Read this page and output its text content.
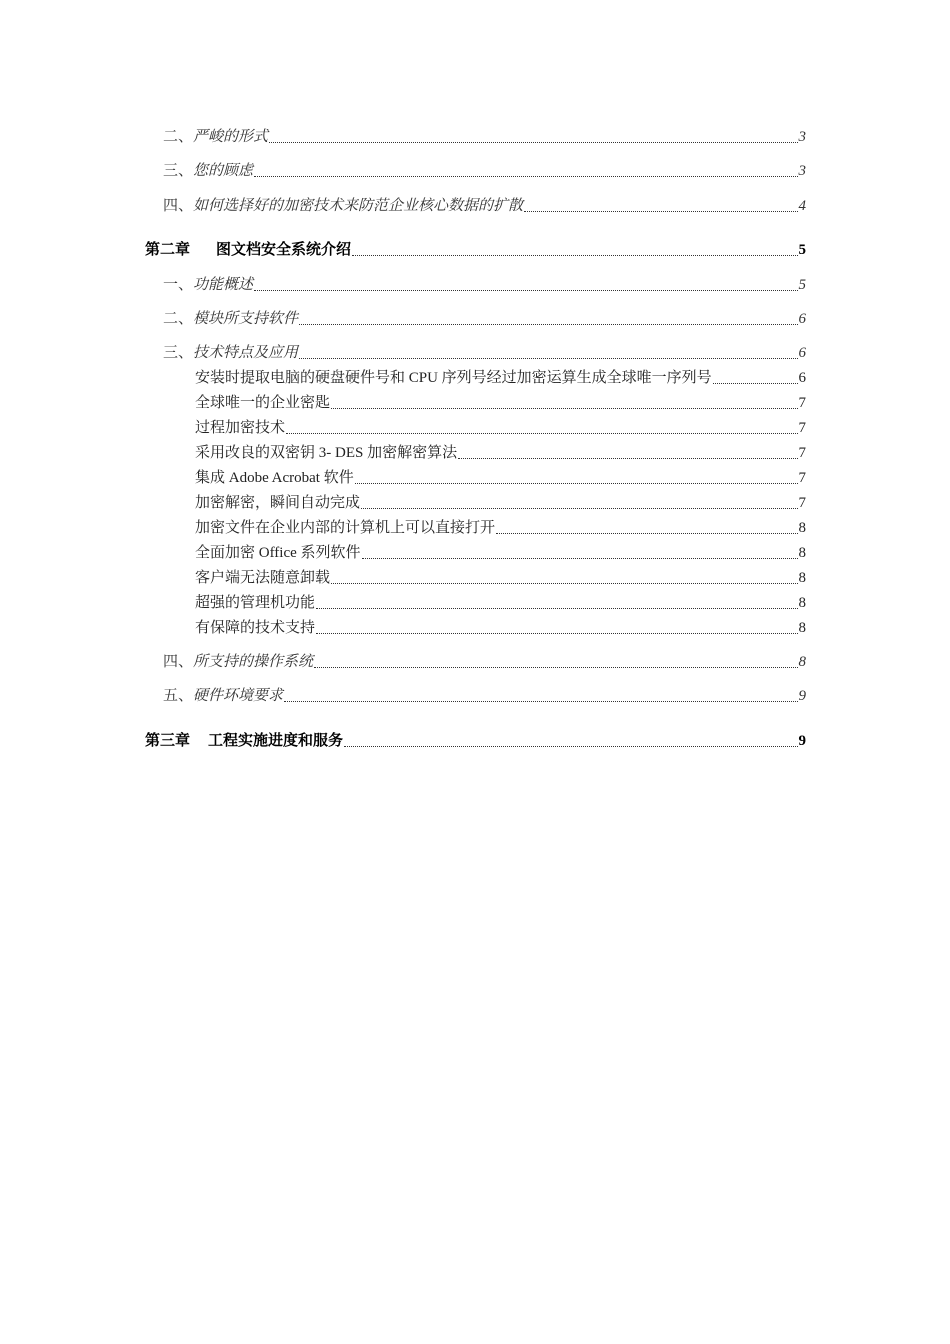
二、 严峻的形式	3
三、 您的顾虑	3
四、 如何选择好的加密技术来防范企业核心数据的扩散	4
第二章 图文档安全系统介绍	5
一、 功能概述	5
二、 模块所支持软件	6
三、 技术特点及应用	6
安装时提取电脑的硬盘硬件号和 CPU 序列号经过加密运算生成全球唯一序列号	6
全球唯一的企业密匙	7
过程加密技术	7
采用改良的双密钥 3- DES 加密解密算法	7
集成 Adobe Acrobat 软件	7
加密解密，瞬间自动完成	7
加密文件在企业内部的计算机上可以直接打开	8
全面加密 Office 系列软件	8
客户端无法随意卸载	8
超强的管理机功能	8
有保障的技术支持	8
四、 所支持的操作系统	8
五、 硬件环境要求	9
第三章 工程实施进度和服务	9
